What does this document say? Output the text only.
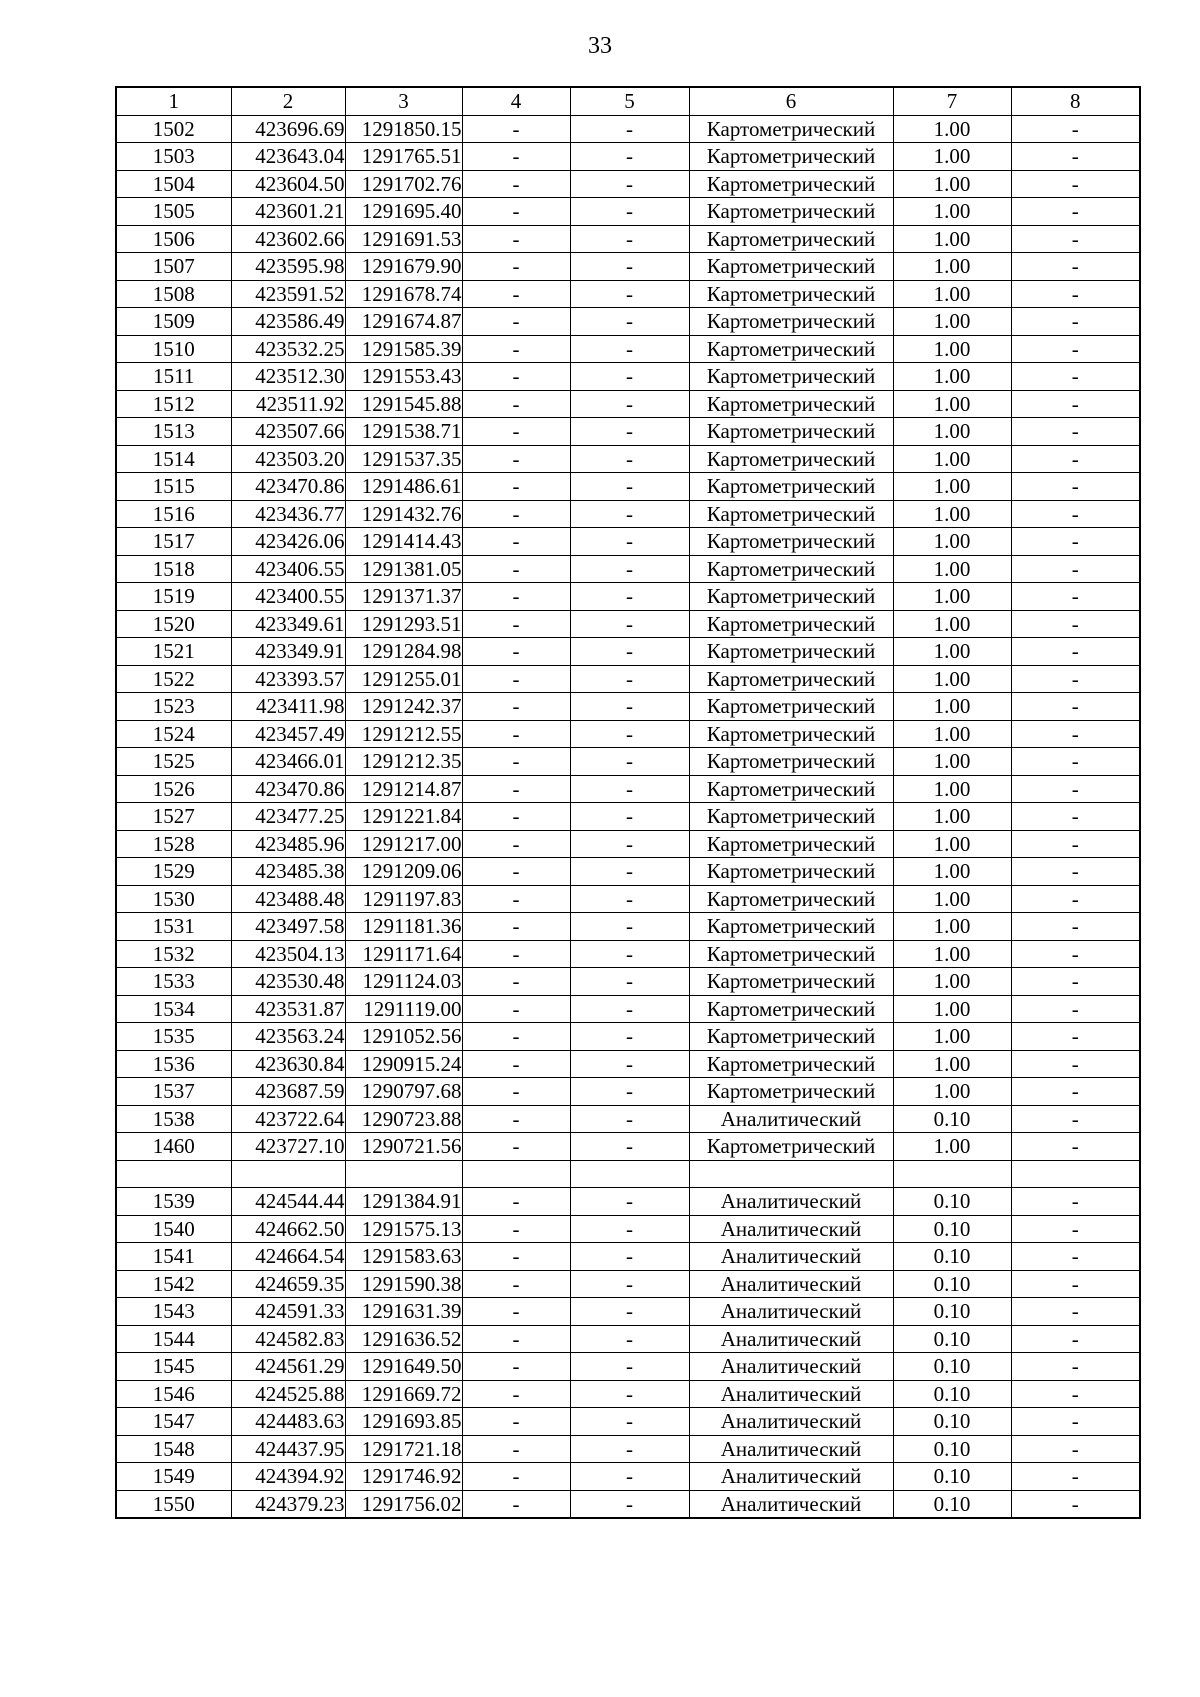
33
1	2	3	4	5	6	7	8
1502	423696.69	1291850.15	-	-	Картометрический	1.00	-
1503	423643.04	1291765.51	-	-	Картометрический	1.00	-
1504	423604.50	1291702.76	-	-	Картометрический	1.00	-
1505	423601.21	1291695.40	-	-	Картометрический	1.00	-
1506	423602.66	1291691.53	-	-	Картометрический	1.00	-
1507	423595.98	1291679.90	-	-	Картометрический	1.00	-
1508	423591.52	1291678.74	-	-	Картометрический	1.00	-
1509	423586.49	1291674.87	-	-	Картометрический	1.00	-
1510	423532.25	1291585.39	-	-	Картометрический	1.00	-
1511	423512.30	1291553.43	-	-	Картометрический	1.00	-
1512	423511.92	1291545.88	-	-	Картометрический	1.00	-
1513	423507.66	1291538.71	-	-	Картометрический	1.00	-
1514	423503.20	1291537.35	-	-	Картометрический	1.00	-
1515	423470.86	1291486.61	-	-	Картометрический	1.00	-
1516	423436.77	1291432.76	-	-	Картометрический	1.00	-
1517	423426.06	1291414.43	-	-	Картометрический	1.00	-
1518	423406.55	1291381.05	-	-	Картометрический	1.00	-
1519	423400.55	1291371.37	-	-	Картометрический	1.00	-
1520	423349.61	1291293.51	-	-	Картометрический	1.00	-
1521	423349.91	1291284.98	-	-	Картометрический	1.00	-
1522	423393.57	1291255.01	-	-	Картометрический	1.00	-
1523	423411.98	1291242.37	-	-	Картометрический	1.00	-
1524	423457.49	1291212.55	-	-	Картометрический	1.00	-
1525	423466.01	1291212.35	-	-	Картометрический	1.00	-
1526	423470.86	1291214.87	-	-	Картометрический	1.00	-
1527	423477.25	1291221.84	-	-	Картометрический	1.00	-
1528	423485.96	1291217.00	-	-	Картометрический	1.00	-
1529	423485.38	1291209.06	-	-	Картометрический	1.00	-
1530	423488.48	1291197.83	-	-	Картометрический	1.00	-
1531	423497.58	1291181.36	-	-	Картометрический	1.00	-
1532	423504.13	1291171.64	-	-	Картометрический	1.00	-
1533	423530.48	1291124.03	-	-	Картометрический	1.00	-
1534	423531.87	1291119.00	-	-	Картометрический	1.00	-
1535	423563.24	1291052.56	-	-	Картометрический	1.00	-
1536	423630.84	1290915.24	-	-	Картометрический	1.00	-
1537	423687.59	1290797.68	-	-	Картометрический	1.00	-
1538	423722.64	1290723.88	-	-	Аналитический	0.10	-
1460	423727.10	1290721.56	-	-	Картометрический	1.00	-

1539	424544.44	1291384.91	-	-	Аналитический	0.10	-
1540	424662.50	1291575.13	-	-	Аналитический	0.10	-
1541	424664.54	1291583.63	-	-	Аналитический	0.10	-
1542	424659.35	1291590.38	-	-	Аналитический	0.10	-
1543	424591.33	1291631.39	-	-	Аналитический	0.10	-
1544	424582.83	1291636.52	-	-	Аналитический	0.10	-
1545	424561.29	1291649.50	-	-	Аналитический	0.10	-
1546	424525.88	1291669.72	-	-	Аналитический	0.10	-
1547	424483.63	1291693.85	-	-	Аналитический	0.10	-
1548	424437.95	1291721.18	-	-	Аналитический	0.10	-
1549	424394.92	1291746.92	-	-	Аналитический	0.10	-
1550	424379.23	1291756.02	-	-	Аналитический	0.10	-
